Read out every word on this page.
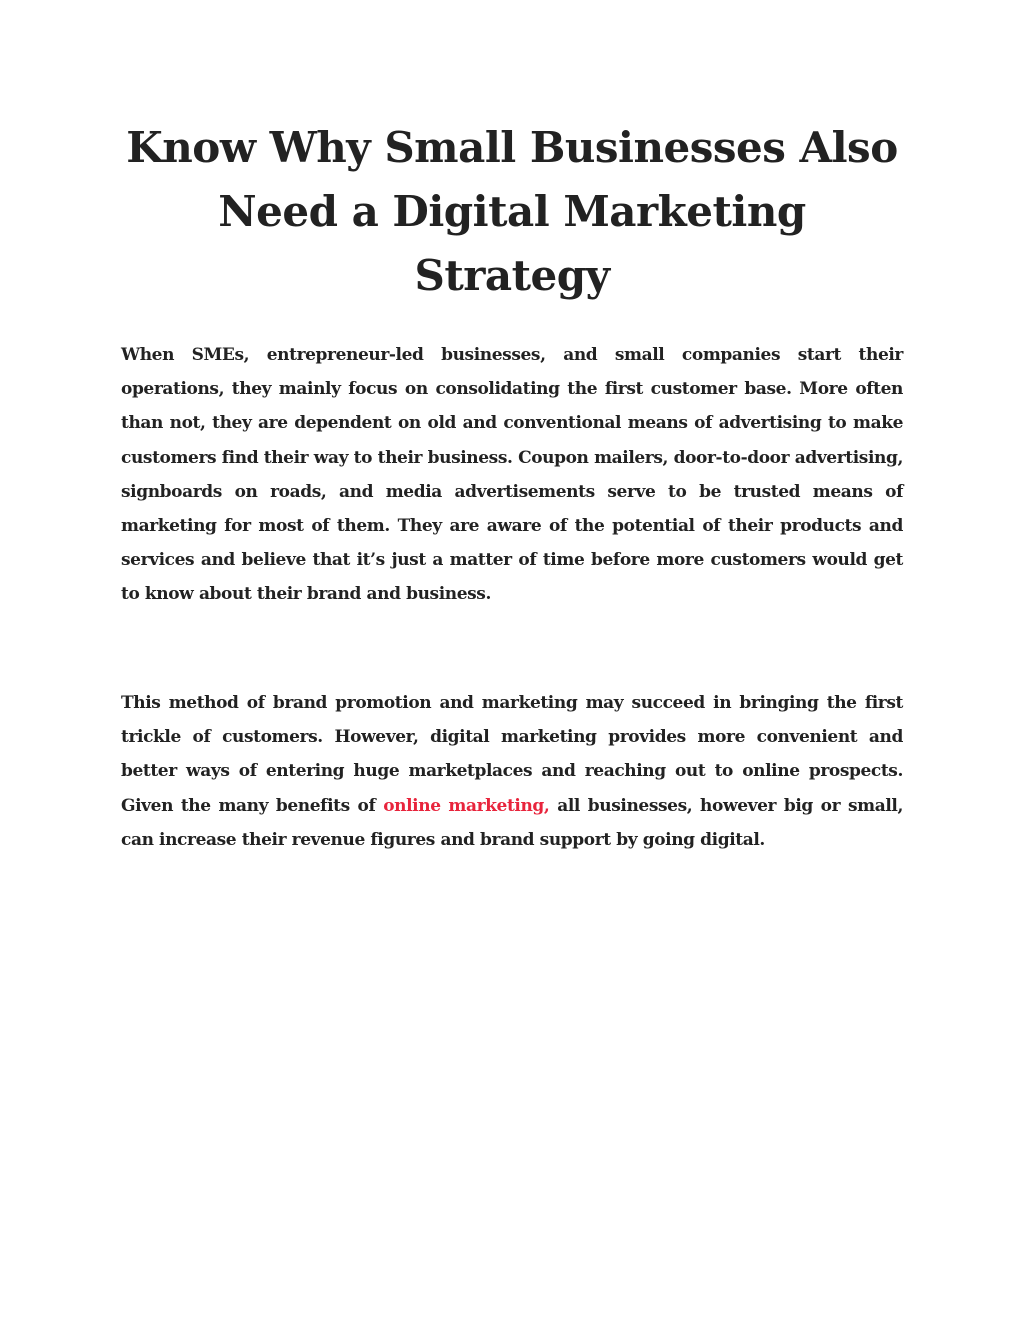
Know Why Small Businesses Also Need a Digital Marketing Strategy

When SMEs, entrepreneur-led businesses, and small companies start their operations, they mainly focus on consolidating the first customer base. More often than not, they are dependent on old and conventional means of advertising to make customers find their way to their business. Coupon mailers, door-to-door advertising, signboards on roads, and media advertisements serve to be trusted means of marketing for most of them. They are aware of the potential of their products and services and believe that it’s just a matter of time before more customers would get to know about their brand and business.

This method of brand promotion and marketing may succeed in bringing the first trickle of customers. However, digital marketing provides more convenient and better ways of entering huge marketplaces and reaching out to online prospects. Given the many benefits of online marketing, all businesses, however big or small, can increase their revenue figures and brand support by going digital.
